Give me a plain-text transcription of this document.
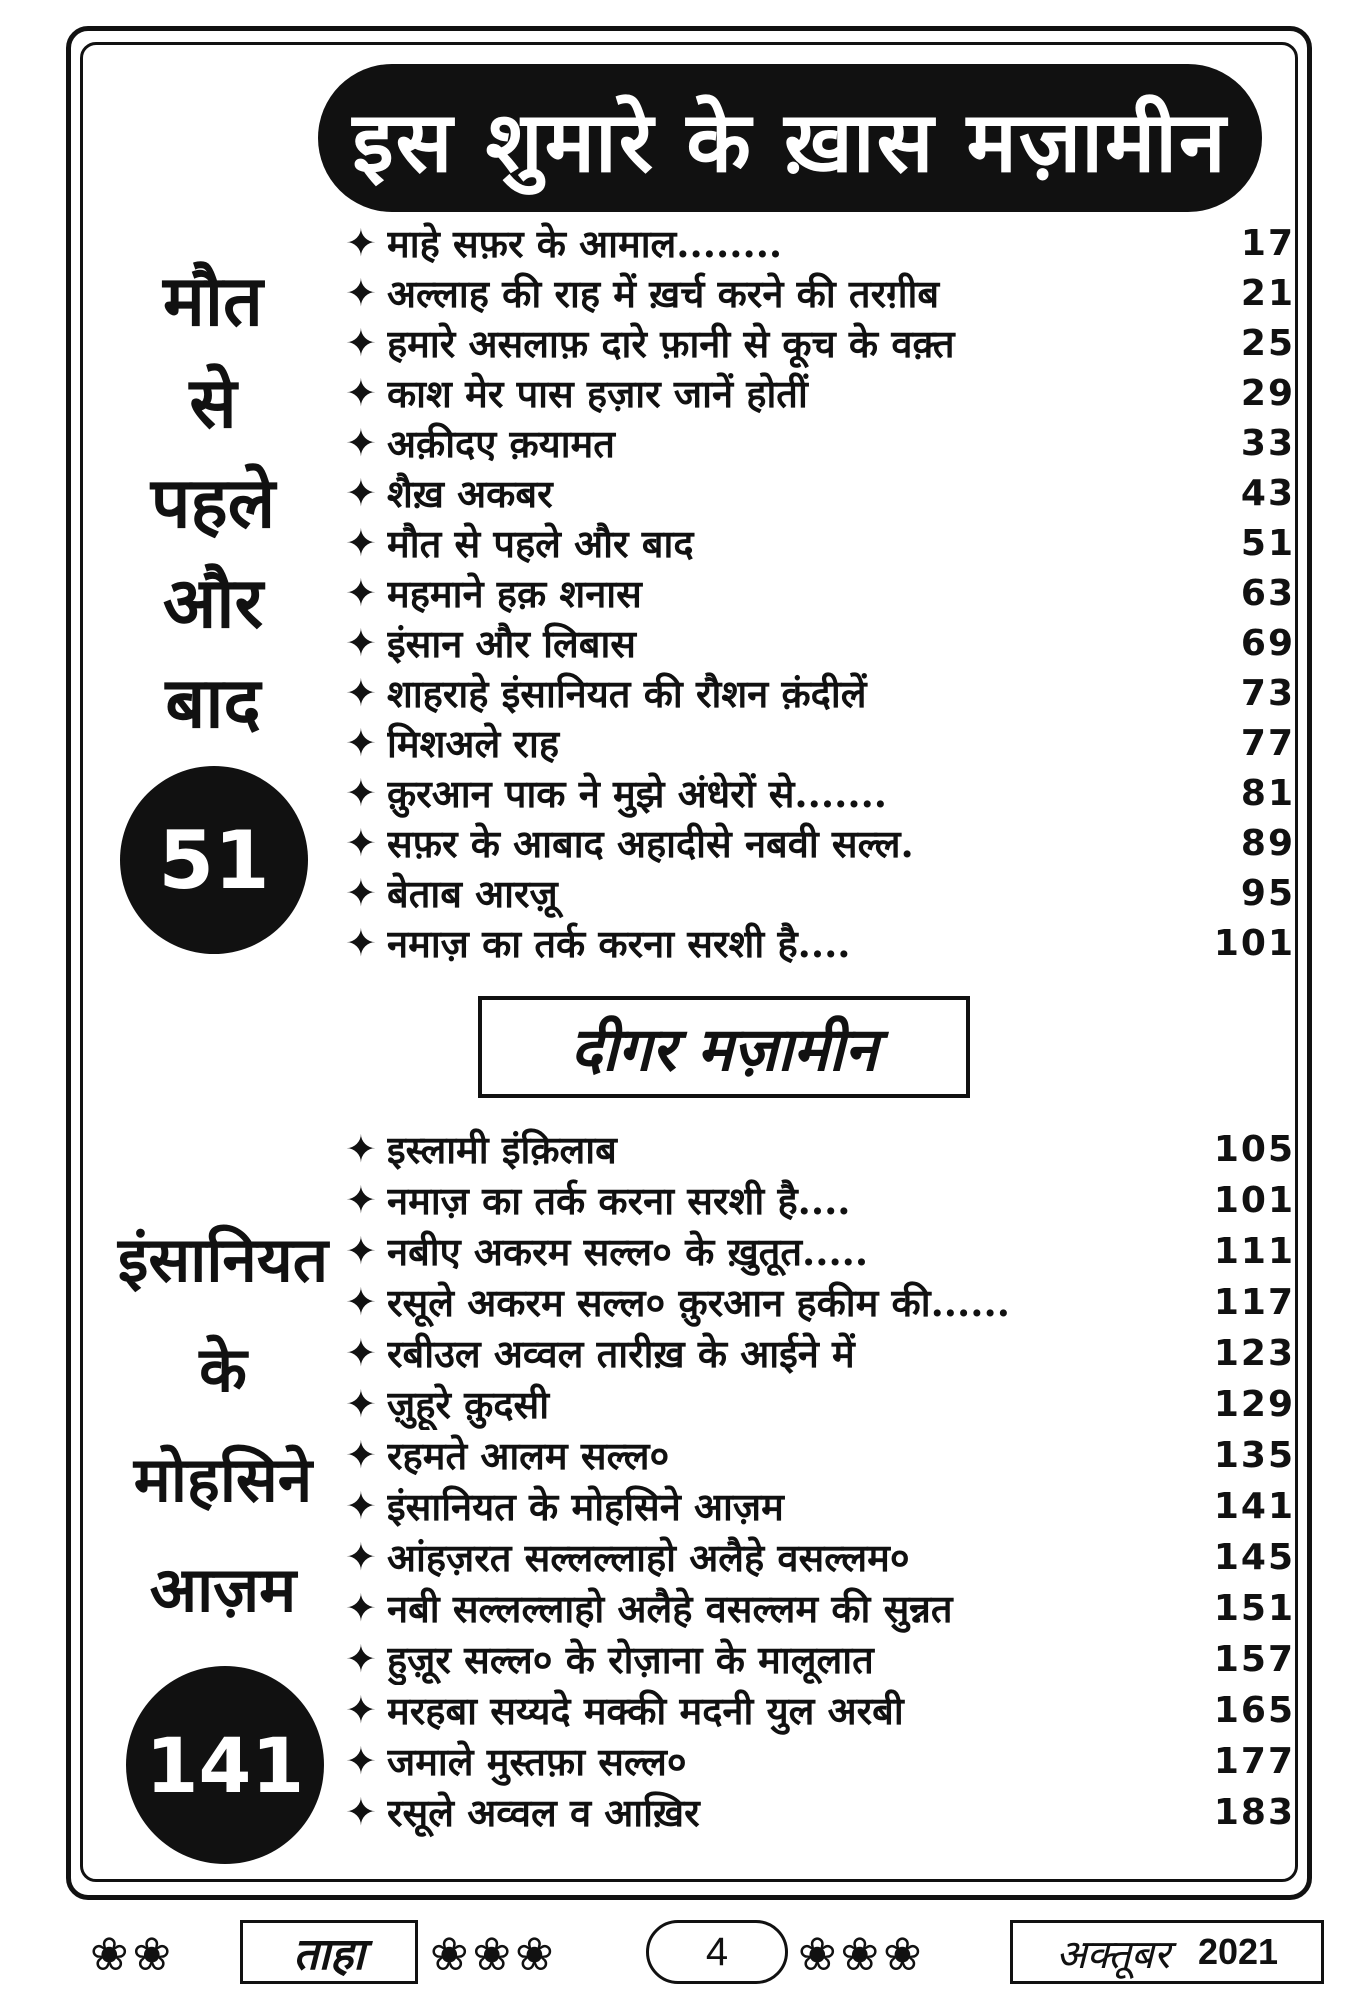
इस शुमारे के ख़ास मज़ामीन
मौत
से
पहले
और
बाद
51
✦ माहे सफ़र के आमाल........	17
✦ अल्लाह की राह में ख़र्च करने की तरग़ीब	21
✦ हमारे असलाफ़ दारे फ़ानी से कूच के वक़्त	25
✦ काश मेर पास हज़ार जानें होतीं	29
✦ अक़ीदए क़यामत	33
✦ शैख़ अकबर	43
✦ मौत से पहले और बाद	51
✦ महमाने हक़ शनास	63
✦ इंसान और लिबास	69
✦ शाहराहे इंसानियत की रौशन क़ंदीलें	73
✦ मिशअले राह	77
✦ क़ुरआन पाक ने मुझे अंधेरों से.......	81
✦ सफ़र के आबाद अहादीसे नबवी सल्ल.	89
✦ बेताब आरज़ू	95
✦ नमाज़ का तर्क करना सरशी है....	101
दीगर मज़ामीन
इंसानियत
के
मोहसिने
आज़म
141
✦ इस्लामी इंक़िलाब	105
✦ नमाज़ का तर्क करना सरशी है....	101
✦ नबीए अकरम सल्ल० के ख़ुतूत.....	111
✦ रसूले अकरम सल्ल० क़ुरआन हकीम की......	117
✦ रबीउल अव्वल तारीख़ के आईने में	123
✦ ज़ुहूरे क़ुदसी	129
✦ रहमते आलम सल्ल०	135
✦ इंसानियत के मोहसिने आज़म	141
✦ आंहज़रत सल्लल्लाहो अलैहे वसल्लम०	145
✦ नबी सल्लल्लाहो अलैहे वसल्लम की सुन्नत	151
✦ हुज़ूर सल्ल० के रोज़ाना के मालूलात	157
✦ मरहबा सय्यदे मक्की मदनी युल अरबी	165
✦ जमाले मुस्तफ़ा सल्ल०	177
✦ रसूले अव्वल व आख़िर	183
❀❀	ताहा ❀❀❀	4 ❀❀❀	अक्तूबर 2021
